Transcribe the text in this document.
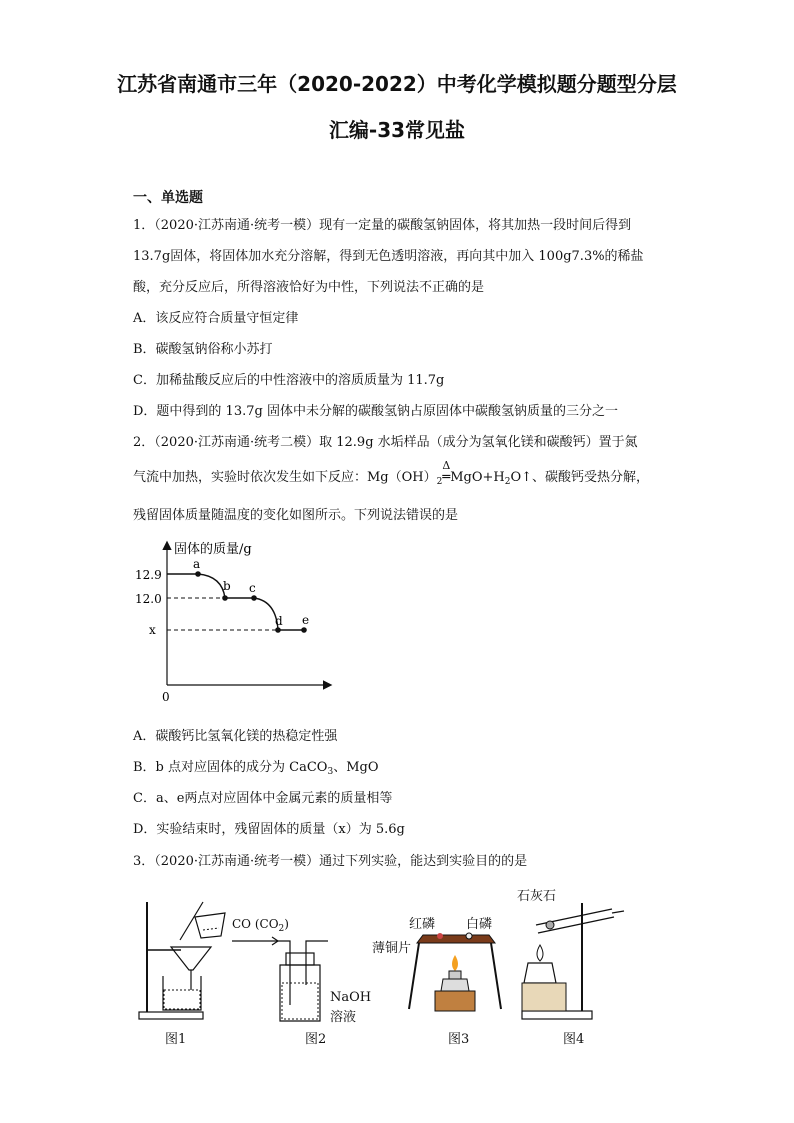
江苏省南通市三年（2020-2022）中考化学模拟题分题型分层
汇编-33常见盐
一、单选题
1．（2020·江苏南通·统考一模）现有一定量的碳酸氢钠固体，将其加热一段时间后得到
13.7g固体，将固体加水充分溶解，得到无色透明溶液，再向其中加入 100g7.3%的稀盐
酸，充分反应后，所得溶液恰好为中性，下列说法不正确的是
A．该反应符合质量守恒定律
B．碳酸氢钠俗称小苏打
C．加稀盐酸反应后的中性溶液中的溶质质量为 11.7g
D．题中得到的 13.7g 固体中未分解的碳酸氢钠占原固体中碳酸氢钠质量的三分之一
2．（2020·江苏南通·统考二模）取 12.9g 水垢样品（成分为氢氧化镁和碳酸钙）置于氮
气流中加热，实验时依次发生如下反应：$Mg(OH)_2$
Δ
$═MgO+H_2O↑$、碳酸钙受热分解，
残留固体质量随温度的变化如图所示。下列说法错误的是
固体的质量/g
12.9
12.0
x
0
a
b c
d e
A．碳酸钙比氢氧化镁的热稳定性强
B．b 点对应固体的成分为 CaCO$_3$、MgO
C．a、e两点对应固体中金属元素的质量相等
D．实验结束时，残留固体的质量（x）为 5.6g
3．（2020·江苏南通·统考一模）通过下列实验，能达到实验目的的是
图1
CO $(CO_2)$
NaOH
溶液
图2
红磷 白磷
薄铜片
图3
石灰石
图4
